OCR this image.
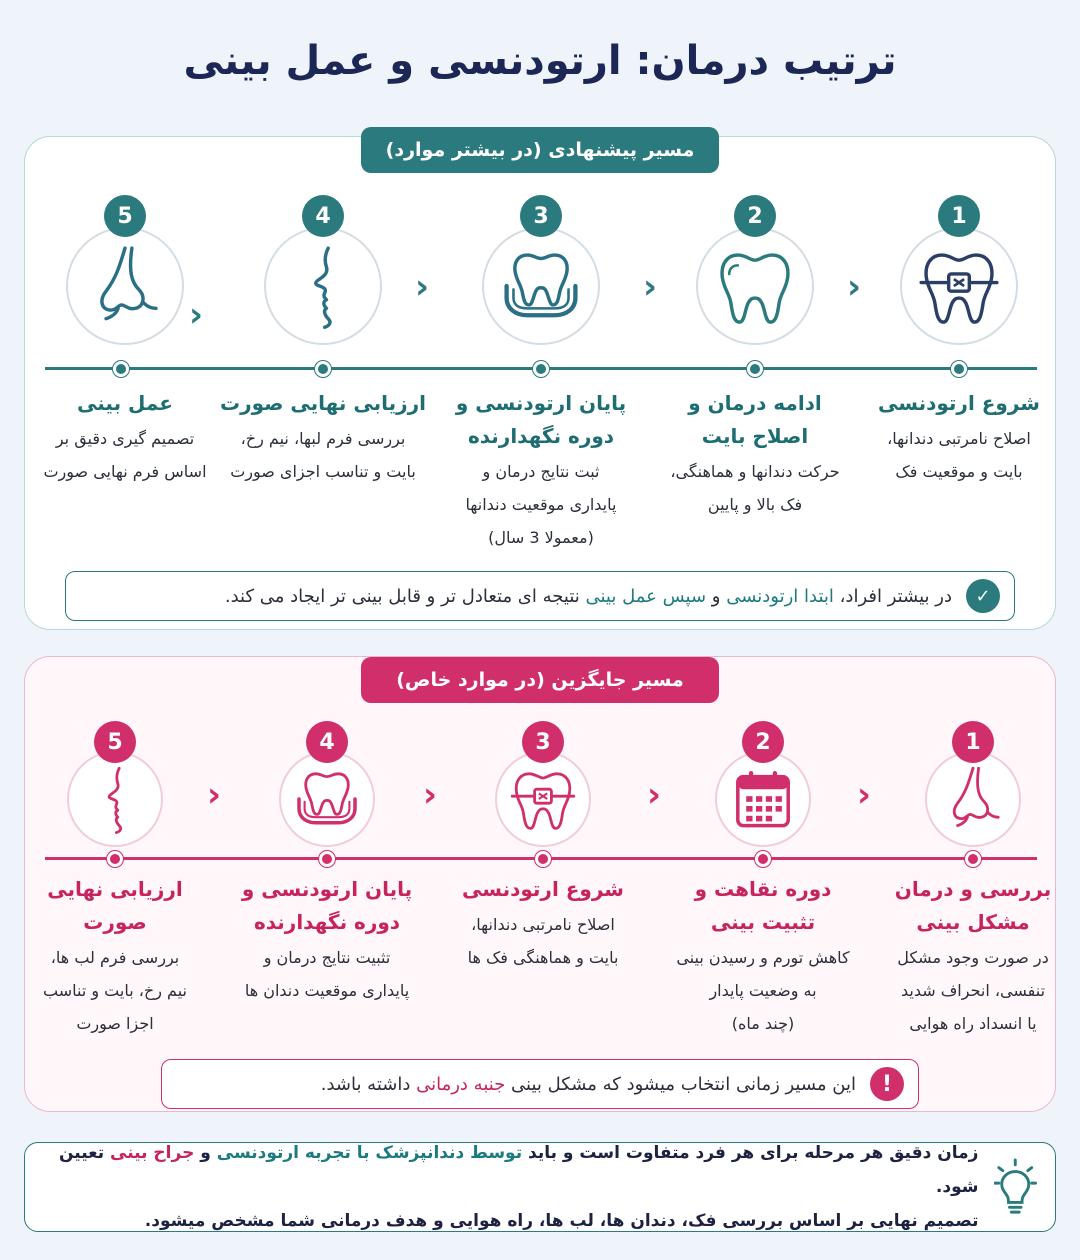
ترتیب درمان: ارتودنسی و عمل بینی
مسیر پیشنهادی (در بیشتر موارد)
‹
‹
‹
‹
1
شروع ارتودنسی
اصلاح نامرتبی دندانها،
بایت و موقعیت فک
2
ادامه درمان و
اصلاح بایت
حرکت دندانها و هماهنگی،
فک بالا و پایین
3
پایان ارتودنسی و
دوره نگهدارنده
ثبت نتایج درمان و
پایداری موقعیت دندانها
(معمولا 3 سال)
4
ارزیابی نهایی صورت
بررسی فرم لبها، نیم رخ،
بایت و تناسب اجزای صورت
5
عمل بینی
تصمیم گیری دقیق بر
اساس فرم نهایی صورت
✓
در بیشتر افراد، ابتدا ارتودنسی و سپس عمل بینی نتیجه ای متعادل تر و قابل بینی تر ایجاد می کند.
مسیر جایگزین (در موارد خاص)
‹
‹
‹
‹
1
بررسی و درمان
مشکل بینی
در صورت وجود مشکل
تنفسی، انحراف شدید
یا انسداد راه هوایی
2
دوره نقاهت و
تثبیت بینی
کاهش تورم و رسیدن بینی
به وضعیت پایدار
(چند ماه)
3
شروع ارتودنسی
اصلاح نامرتبی دندانها،
بایت و هماهنگی فک ها
4
پایان ارتودنسی و
دوره نگهدارنده
تثبیت نتایج درمان و
پایداری موقعیت دندان ها
5
ارزیابی نهایی
صورت
بررسی فرم لب ها،
نیم رخ، بایت و تناسب
اجزا صورت
!
این مسیر زمانی انتخاب میشود که مشکل بینی جنبه درمانی داشته باشد.
زمان دقیق هر مرحله برای هر فرد متفاوت است و باید توسط دندانپزشک با تجربه ارتودنسی و جراح بینی تعیین شود.
تصمیم نهایی بر اساس بررسی فک، دندان ها، لب ها، راه هوایی و هدف درمانی شما مشخص میشود.
